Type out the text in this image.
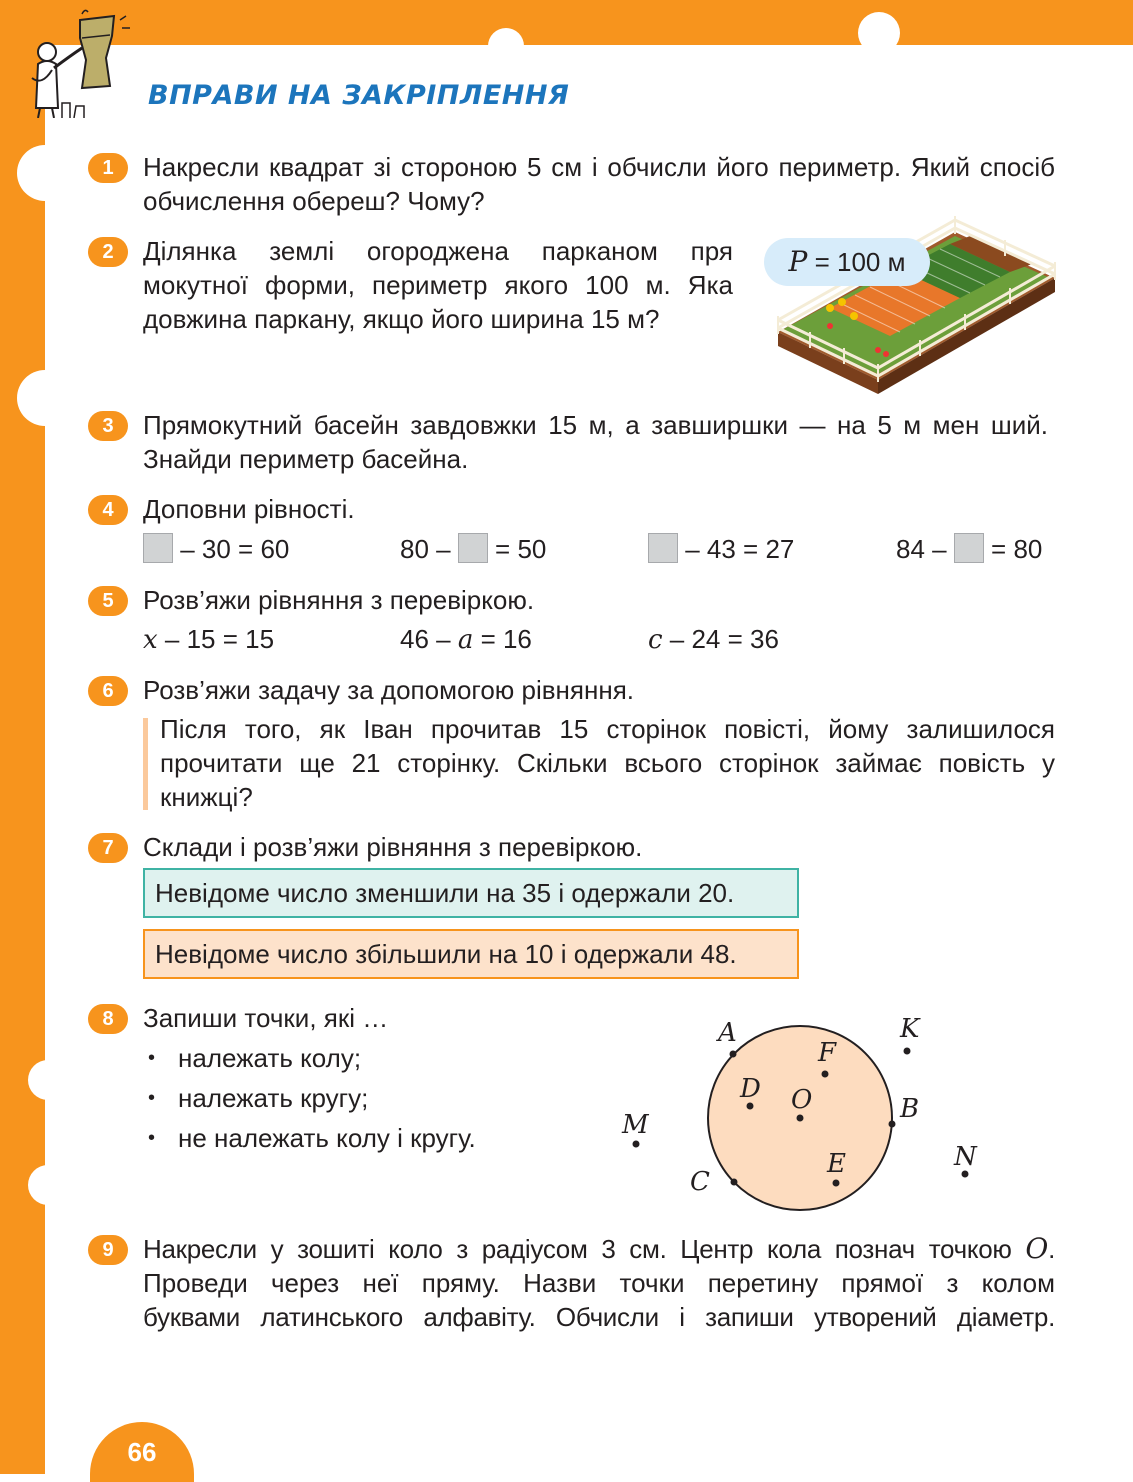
ВПРАВИ НА ЗАКРІПЛЕННЯ
1	Накресли квадрат зі стороною 5 см і обчисли його периметр. Який спосіб обчислення обереш? Чому?
2	Ділянка землі огороджена парканом пря
мокутної форми, периметр якого 100 м. Яка
довжина паркану, якщо його ширина 15 м?
P = 100 м
3	Прямокутний басейн завдовжки 15 м, а завширшки — на 5 м мен ший. Знайди периметр басейна.
4	Доповни рівності.
– 30 = 60	80 –  = 50	– 43 = 27	84 –  = 80
5	Розв’яжи рівняння з перевіркою.
x – 15 = 15	46 – a = 16	c – 24 = 36
6	Розв’яжи задачу за допомогою рівняння.
Після того, як Іван прочитав 15 сторінок повісті, йому залишилося прочитати ще 21 сторінку. Скільки всього сторінок займає повість у книжці?
7	Склади і розв’яжи рівняння з перевіркою.
Невідоме число зменшили на 35 і одержали 20.
Невідоме число збільшили на 10 і одержали 48.
8	Запиши точки, які …
• належать колу;
• належать кругу;
• не належать колу і кругу.
A
F
K
D O	B
M
N
E
C
9	Накресли у зошиті коло з радіусом 3 см. Центр кола познач точкою O.
Проведи через неї пряму. Назви точки перетину прямої з колом
буквами латинського алфавіту. Обчисли і запиши утворений діаметр.
66
